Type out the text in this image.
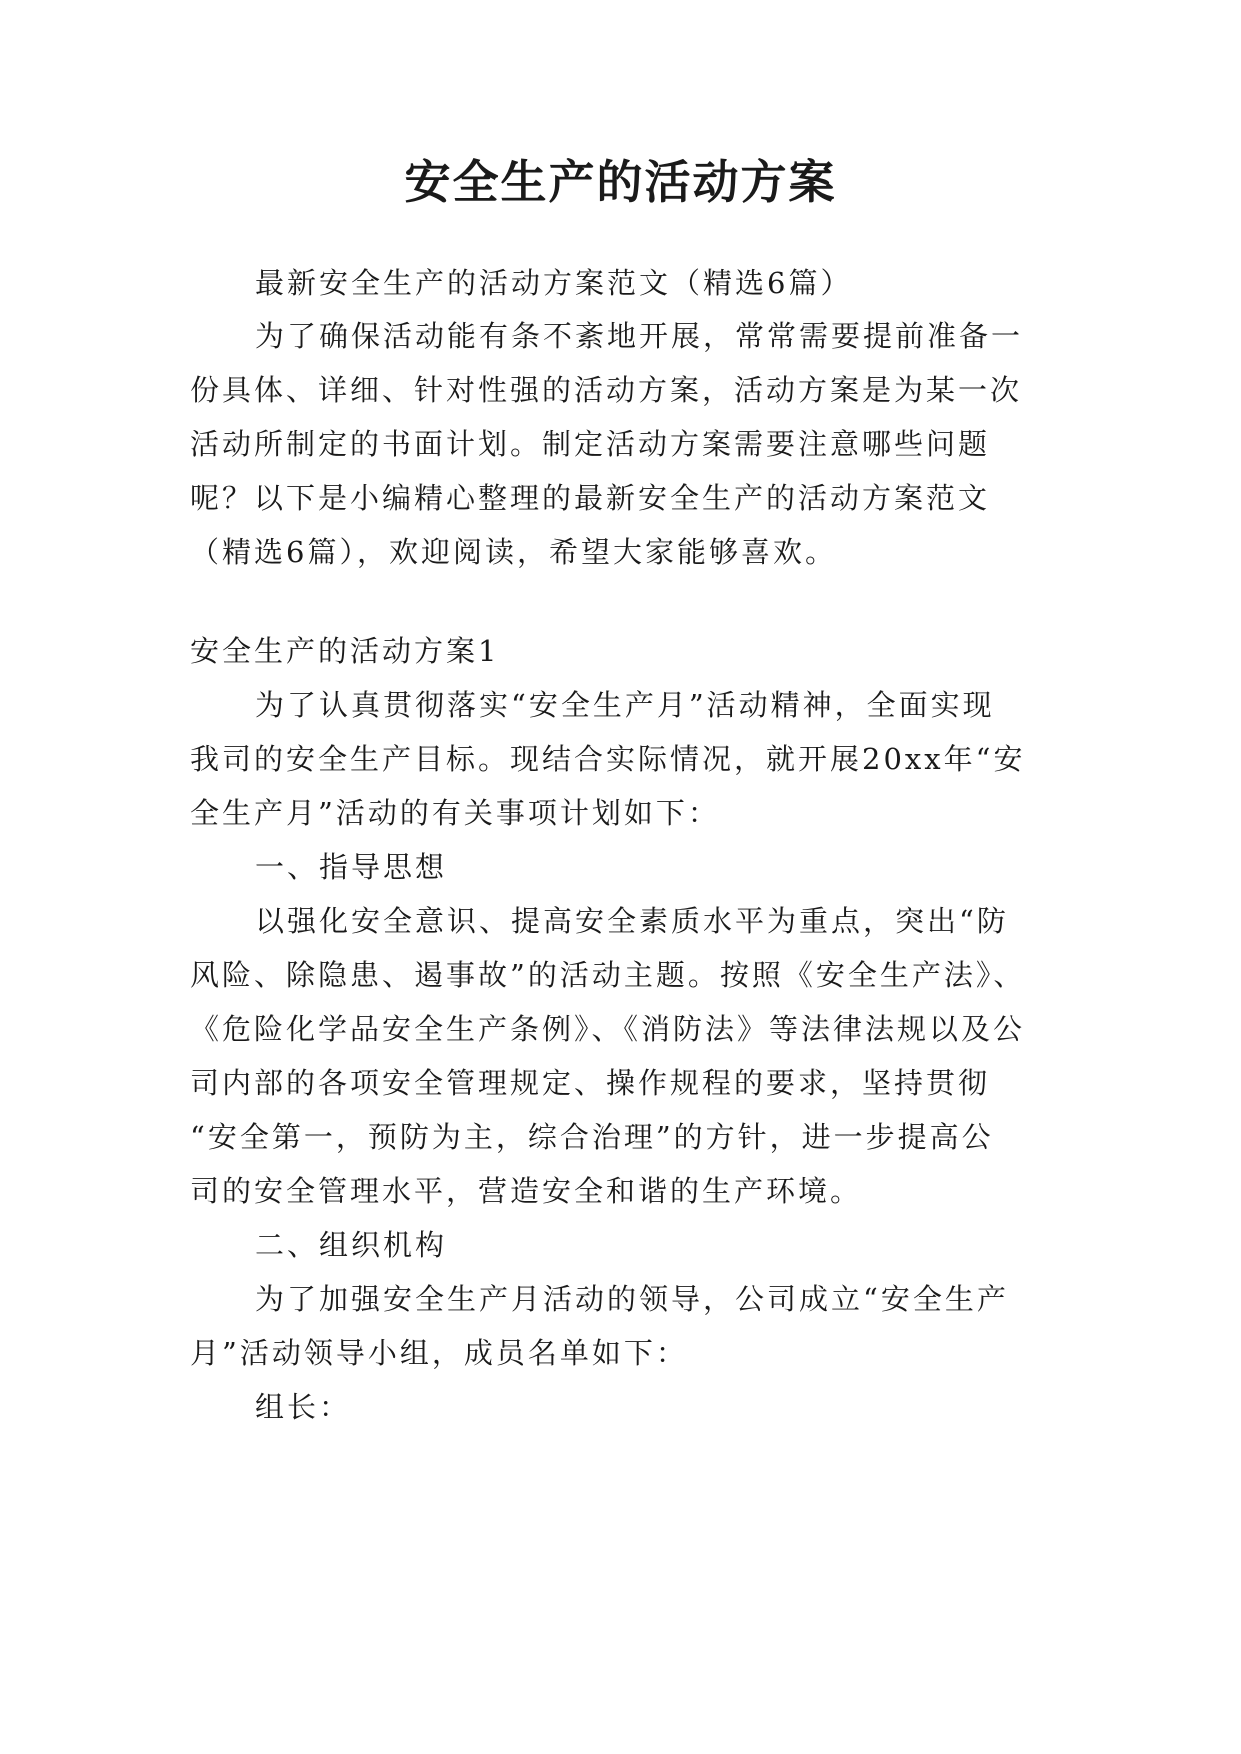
安全生产的活动方案
最新安全生产的活动方案范文（精选6篇）
为了确保活动能有条不紊地开展，常常需要提前准备一
份具体、详细、针对性强的活动方案，活动方案是为某一次
活动所制定的书面计划。制定活动方案需要注意哪些问题
呢？以下是小编精心整理的最新安全生产的活动方案范文
（精选6篇），欢迎阅读，希望大家能够喜欢。
安全生产的活动方案1
为了认真贯彻落实“安全生产月”活动精神，全面实现
我司的安全生产目标。现结合实际情况，就开展20xx年“安
全生产月”活动的有关事项计划如下：
一、指导思想
以强化安全意识、提高安全素质水平为重点，突出“防
风险、除隐患、遏事故”的活动主题。按照《安全生产法》、
《危险化学品安全生产条例》、《消防法》等法律法规以及公
司内部的各项安全管理规定、操作规程的要求，坚持贯彻
“安全第一，预防为主，综合治理”的方针，进一步提高公
司的安全管理水平，营造安全和谐的生产环境。
二、组织机构
为了加强安全生产月活动的领导，公司成立“安全生产
月”活动领导小组，成员名单如下：
组长：
